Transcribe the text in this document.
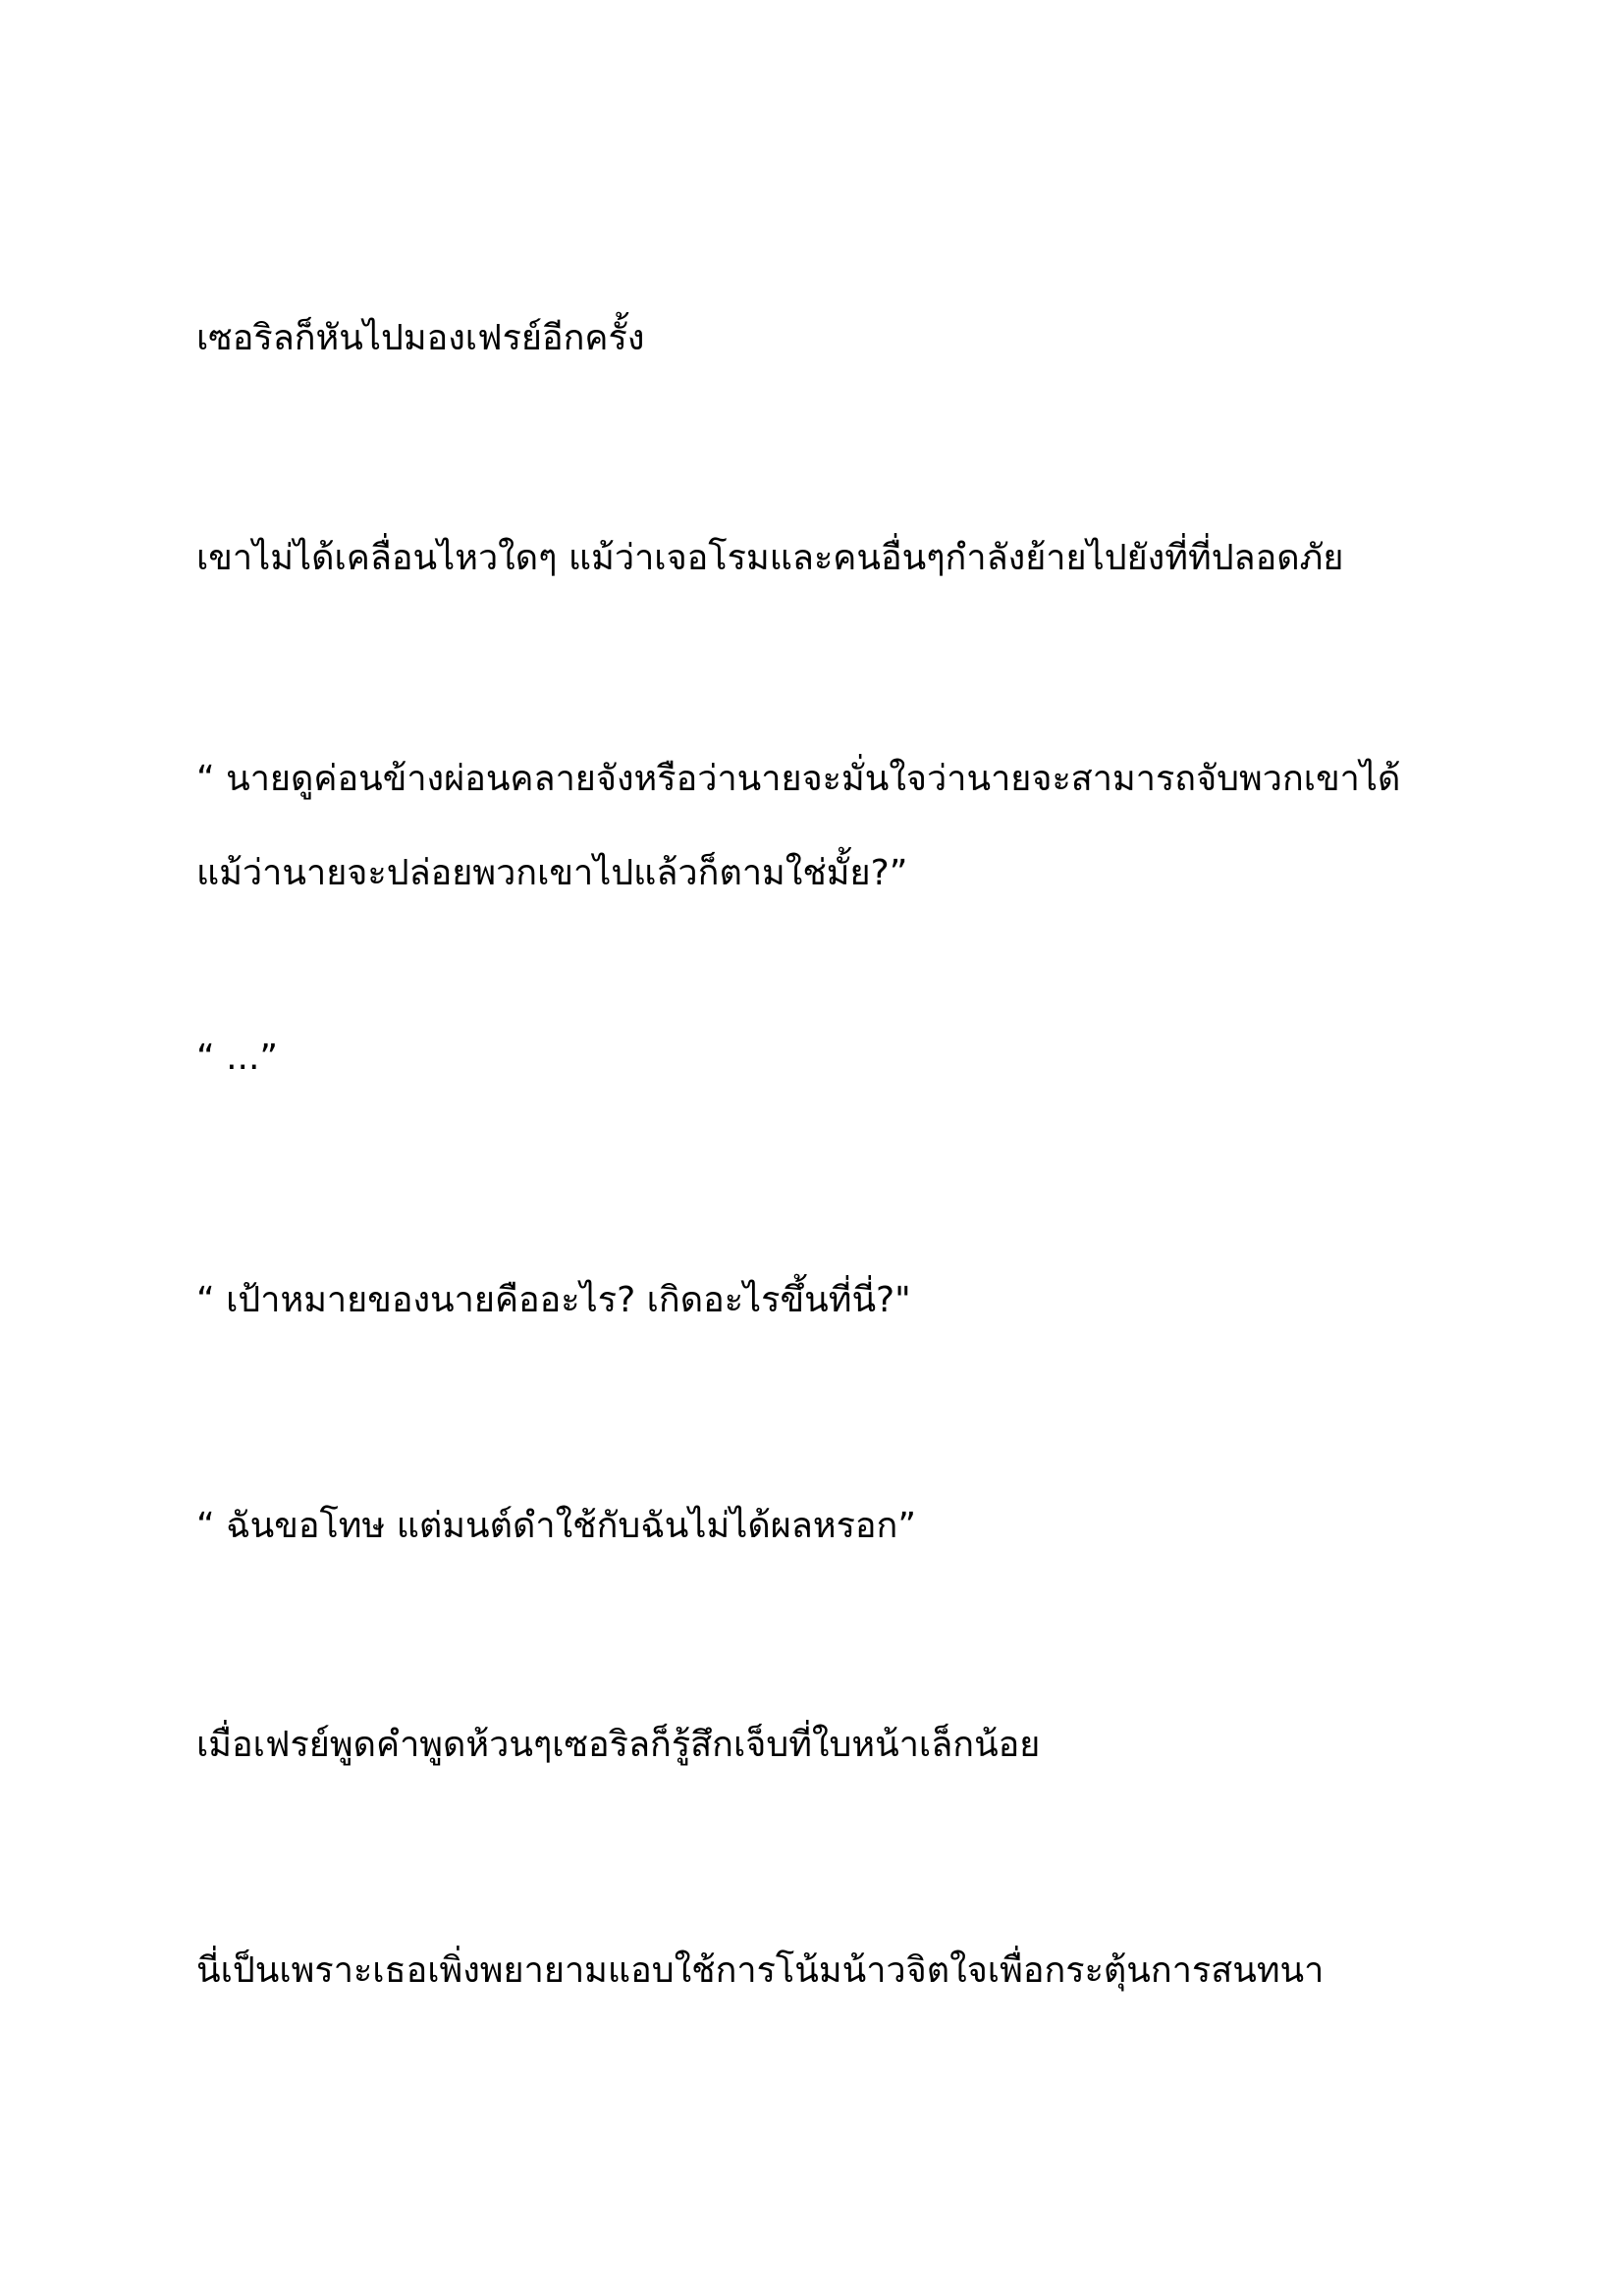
เซอริลก็หันไปมองเฟรย์อีกครั้ง

เขาไม่ได้เคลื่อนไหวใดๆ แม้ว่าเจอโรมและคนอื่นๆกำลังย้ายไปยังที่ที่ปลอดภัย

“ นายดูค่อนข้างผ่อนคลายจังหรือว่านายจะมั่นใจว่านายจะสามารถจับพวกเขาได้
แม้ว่านายจะปล่อยพวกเขาไปแล้วก็ตามใช่มั้ย?”

“ ...”

“ เป้าหมายของนายคืออะไร? เกิดอะไรขึ้นที่นี่?"

“ ฉันขอโทษ แต่มนต์ดำใช้กับฉันไม่ได้ผลหรอก”

เมื่อเฟรย์พูดคำพูดห้วนๆเซอริลก็รู้สึกเจ็บที่ใบหน้าเล็กน้อย

นี่เป็นเพราะเธอเพิ่งพยายามแอบใช้การโน้มน้าวจิตใจเพื่อกระตุ้นการสนทนา
